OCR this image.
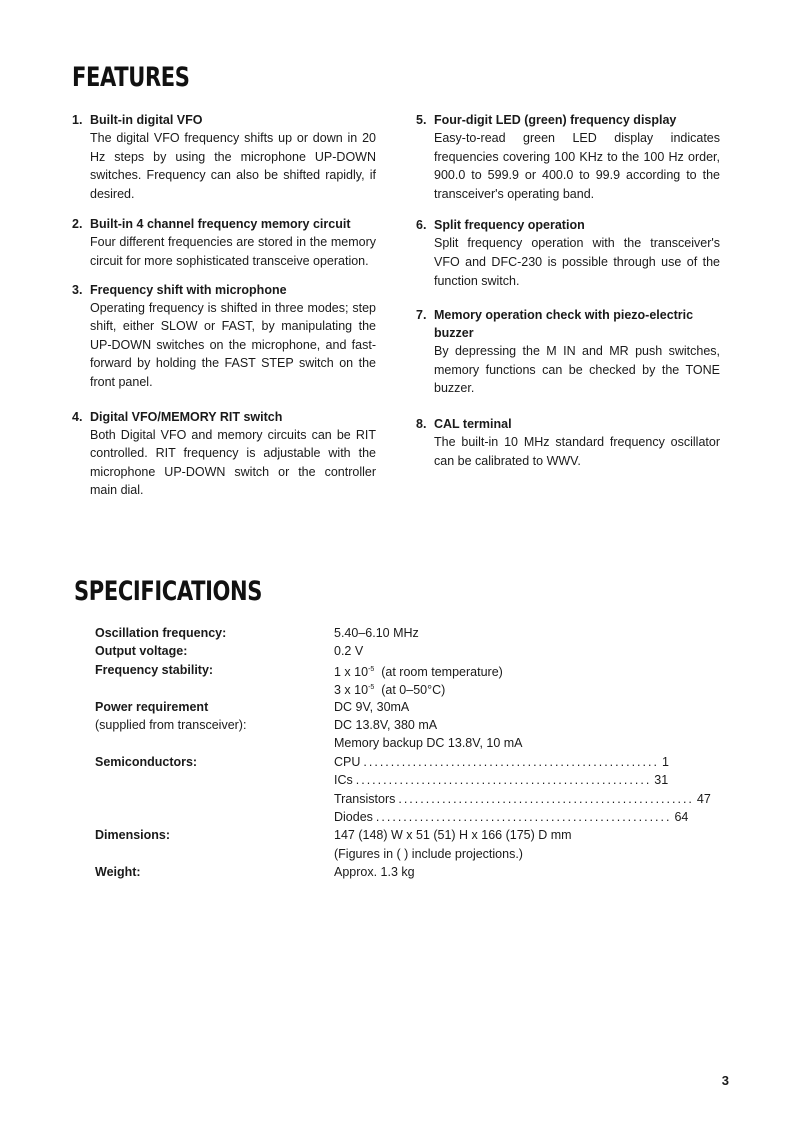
FEATURES
1. Built-in digital VFO
The digital VFO frequency shifts up or down in 20 Hz steps by using the microphone UP-DOWN switches. Frequency can also be shifted rapidly, if desired.
2. Built-in 4 channel frequency memory circuit
Four different frequencies are stored in the memory circuit for more sophisticated transceive operation.
3. Frequency shift with microphone
Operating frequency is shifted in three modes; step shift, either SLOW or FAST, by manipulating the UP-DOWN switches on the microphone, and fast-forward by holding the FAST STEP switch on the front panel.
4. Digital VFO/MEMORY RIT switch
Both Digital VFO and memory circuits can be RIT controlled. RIT frequency is adjustable with the microphone UP-DOWN switch or the controller main dial.
5. Four-digit LED (green) frequency display
Easy-to-read green LED display indicates frequencies covering 100 KHz to the 100 Hz order, 900.0 to 599.9 or 400.0 to 99.9 according to the transceiver's operating band.
6. Split frequency operation
Split frequency operation with the transceiver's VFO and DFC-230 is possible through use of the function switch.
7. Memory operation check with piezo-electric buzzer
By depressing the M IN and MR push switches, memory functions can be checked by the TONE buzzer.
8. CAL terminal
The built-in 10 MHz standard frequency oscillator can be calibrated to WWV.
SPECIFICATIONS
Oscillation frequency:
Output voltage:
Frequency stability:
Power requirement
(supplied from transceiver):
Semiconductors:
Dimensions:
Weight:
5.40–6.10 MHz
0.2 V
1 x $10^{-5}$ (at room temperature)
3 x $10^{-5}$ (at 0–50°C)
DC 9V, 30mA
DC 13.8V, 380 mA
Memory backup DC 13.8V, 10 mA
CPU ...................................................... 1
ICs ...................................................... 31
Transistors ...................................................... 47
Diodes ...................................................... 64
147 (148) W x 51 (51) H x 166 (175) D mm
(Figures in ( ) include projections.)
Approx. 1.3 kg
3
